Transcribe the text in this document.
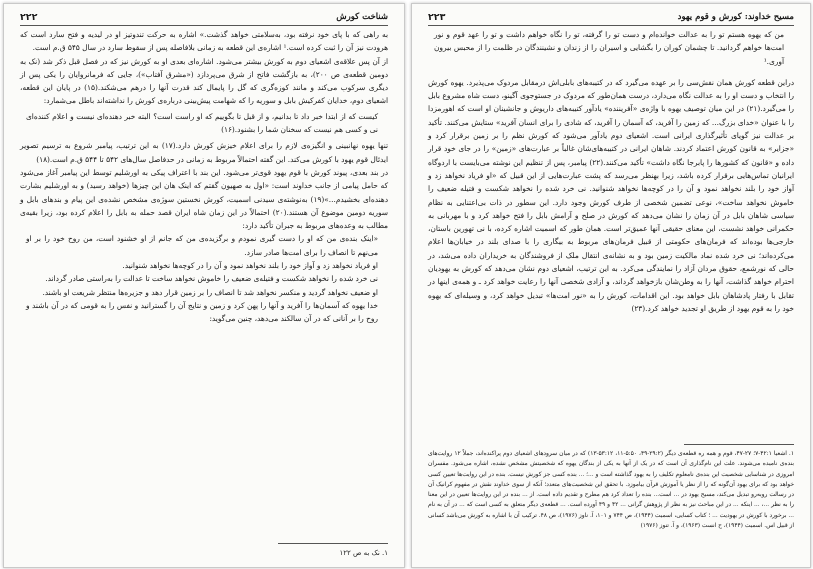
شناخت کورش
۲۲۲

به راهی که با پای خود نرفته بود، به‌سلامتی خواهد گذشت.» اشاره به حرکت تندوتیز او در لیدیه و فتح سارد است که هرودت نیز آن را ثبت کرده است.¹ اشاره‌ی این قطعه به زمانی بلافاصله پس از سقوط سارد در سال ۵۴۵ ق.م است.

از آن پس علاقه‌ی اشعیای دوم به کورش بیشتر می‌شود. اشاره‌ای بعدی او به کورش نیز که در فصل قبل ذکر شد (نک به دومین قطعه‌ی ص ۲۰۰)، به بازگشت فاتح از شرق می‌پردازد («مشرق آفتاب»)، جایی که فرمانروایان را یکی پس از دیگری سرکوب می‌کند و مانند کوزه‌گری که گل را پایمال کند قدرت آنها را درهم می‌شکند.(۱۵) در پایان این قطعه، اشعیای دوم، خدایان کفرکیش بابل و سوریه را که شهامت پیش‌بینی درباره‌ی کورش را نداشته‌اند باطل می‌شمارد:

کیست که از ابتدا خبر داد تا بدانیم، و از قبل تا بگوییم که او راست است؟ البته خبر دهنده‌ای نیست و اعلام کننده‌ای نی و کسی هم نیست که سخنان شما را بشنود.(۱۶)

تنها یهوه نهانبینی و انگیزه‌ی لازم را برای اعلام خیزش کورش دارد.(۱۷) به این ترتیب، پیامبر شروع به ترسیم تصویر ایدئال قوم یهود با کورش می‌کند. این گفته احتمالاً مربوط به زمانی در حدفاصل سال‌های ۵۴۲ تا ۵۴۴ ق.م است.(۱۸)

در بند بعدی، پیوند کورش با قوم یهود قوی‌تر می‌شود. این بند با اعتراف پیکی به اورشلیم توسط این پیامبر آغاز می‌شود که حامل پیامی از جانب خداوند است: «اول به صهیون گفتم که اینک هان این چیزها (خواهد رسید) و به اورشلیم بشارت دهنده‌ای بخشیدم...»(۱۹) به‌نوشته‌ی سیدنی اسمیت، کورش نخستین سوژه‌ی مشخص نشده‌ی این پیام و بندهای بابل و سوریه دومین موضوع آن هستند.(۲۰) احتمالاً در این زمان شاه ایران قصد حمله به بابل را اعلام کرده بود، زیرا بقیه‌ی مطالب به وعده‌های مربوط به جبران تأکید دارد:

«اینک بنده‌ی من که او را دست گیری نمودم و برگزیده‌ی من که جانم از او خشنود است، من روح خود را بر او می‌نهم تا انصاف را برای امت‌ها صادر سازد.

او فریاد نخواهد زد و آواز خود را بلند نخواهد نمود و آن را در کوچه‌ها نخواهد شنوانید.

نی خرد شده را نخواهد شکست و فتیله‌ی ضعیف را خاموش نخواهد ساخت تا عدالت را به‌راستی صادر گرداند.

او ضعیف نخواهد گردید و منکسر نخواهد شد تا انصاف را بر زمین قرار دهد و جزیره‌ها منتظر شریعت او باشند.

خدا یهوه که آسمان‌ها را آفرید و آنها را پهن کرد و زمین و نتایج آن را گسترانید و نفس را به قومی که در آن باشند و روح را بر آنانی که در آن سالکند می‌دهد، چنین می‌گوید:

۱. نک به ص ۱۲۲
مسیح خداوند: کورش و قوم یهود
۲۲۳

من که یهوه هستم تو را به عدالت خوانده‌ام و دست تو را گرفته، تو را نگاه خواهم داشت و تو را عهد قوم و نور امت‌ها خواهم گردانید. تا چشمان کوران را بگشایی و اسیران را از زندان و نشینندگان در ظلمت را از محبس بیرون آوری.¹

دراین قطعه کورش همان نفش‌سی را بر عهده می‌گیرد که در کتیبه‌های بابلی‌اش درمقابل مردوک می‌پذیرد. یهوه کورش را انتخاب و دست او را به عدالت نگاه می‌دارد، درست همان‌طور که مردوک در جستوجوی آگینو، دست شاه مشروع بابل را می‌گیرد.(۲۱) در این میان توصیف یهوه با واژه‌ی «آفریننده» یادآور کتیبه‌های داریوش و جانشینان او است که اهورمزدا را با عنوان «خدای بزرگ... که زمین را آفرید، که آسمان را آفرید، که شادی را برای انسان آفرید» ستایش می‌کنند. تأکید بر عدالت نیز گویای تأثیرگذاری ایرانی است. اشعیای دوم یادآور می‌شود که کورش نظم را بر زمین برقرار کرد و «جزایر» به قانون کورش اعتماد کردند. شاهان ایرانی در کتیبه‌های‌شان غالباً بر عبارت‌های «زمین» را در جای خود قرار داده و «قانون که کشورها را پابرجا نگاه داشت» تأکید می‌کنند.(۲۲) پیامبر، پس از تنظیم این نوشته می‌بایست با اردوگاه ایرانیان تماس‌هایی برقرار کرده باشد، زیرا بهنظر می‌رسد که پشت عبارت‌هایی از این قبیل که «او فریاد نخواهد زد و آواز خود را بلند نخواهد نمود و آن را در کوچه‌ها نخواهد شنوانید. نی خرد شده را نخواهد شکست و فتیله ضعیف را خاموش نخواهد ساخت»، نوعی تضمین شخصی از طرف کورش وجود دارد. این سطور در ذات بی‌اعتنایی به نظام سیاسی شاهان بابل در آن زمان را نشان می‌دهد که کورش در صلح و آرامش بابل را فتح خواهد کرد و با مهربانی به حکمرانی خواهد نشست، این معنای حقیقی آنها عمیق‌تر است. همان طور که اسمیت اشاره کرده، با نی تهورین باستان، خارجی‌ها بوده‌اند که فرمان‌های حکومتی از قبیل فرمان‌های مربوط به بیگاری را با صدای بلند در خیابان‌ها اعلام می‌کرده‌اند؛ نی خرد شده نماد مالکیت زمین بود و به نشانه‌ی انتقال ملک از فروشندگان به خریداران داده می‌شد، در حالی که نورشمع، حقوق مردان آزاد را نمایندگی می‌کرد. به این ترتیب، اشعیای دوم نشان می‌دهد که کورش به یهودیان احترام خواهد گذاشت، آنها را به وطن‌شان بازخواهد گرداند، و آزادی شخصی آنها را رعایت خواهد کرد ـ و همه‌ی اینها در تقابل با رفتار پادشاهان بابل خواهد بود. این اقدامات، کورش را به «نور امت‌ها» تبدیل خواهد کرد، و وسیله‌ای که یهوه خود را به قوم یهود از طریق او تجدید خواهد کرد.(۲۳)

۱. اشعیا ۴۲:۱-۷؛ ۲۷-۴۷، قوم و همه ره قطعه‌ی دیگر (۲۹:۲-۴۹، ۵:۵۰-۱۱، ۵۳:۱۲-۱۳) که در میان سرودهای اشعیای دوم پراکنده‌اند، جملاً ۱۲ روایت‌های بنده‌ی نامیده می‌شوند. علت این نام‌گذاری آن است که در یک از آنها به یکی از بندگان یهوه که شخصیتش مشخص نشده، اشاره می‌شود. مفسران امروزی در شناسایی شخصیت این بنده‌ی نامعلوم تکلیف را به یهود گذاشته است و ...؛ ... بنده کسی جز کورش نیست. بنده در این روایت‌ها تعیین کسی خواهد بود که برای یهود آن‌گونه که را از نظر یا آموزش قرآن بیاموزد. با تحقق این شخصیت‌های متعدد؛ آنکه از سوی خداوند نقش در مفهوم کرانیک آن در رسالت روبه‌رو تبدیل می‌کند، مسیح یهود در ... است... بنده را تعداد کرد هم مطرح و تقدیم داده است. از ... بنده در این روایت‌ها تعیین در این معنا را به نظر ...، ... اینکه ... در این مباحث نیز به نظر از پژوهش گرانی ... ۴۲ و ۴۹ آورده است. ... قطعه‌ی دیگر متعلق به کسی است که ... در آن به نام ... برخورد با کورش در یهودیت ... ؛ کتاب کسایی، اسمیت (۱۹۴۴)، ص ۷۴۴ و ۱۰۱، آ. ناوز (۱۹۷۶)، ص ۴۸. ترکیب آن با اشاره به کورش می‌باشد کسانی از قبیل اس. اسمیت (۱۹۴۴)، ح انست (۱۹۶۳)، و آ. تنوز (۱۹۷۶)
